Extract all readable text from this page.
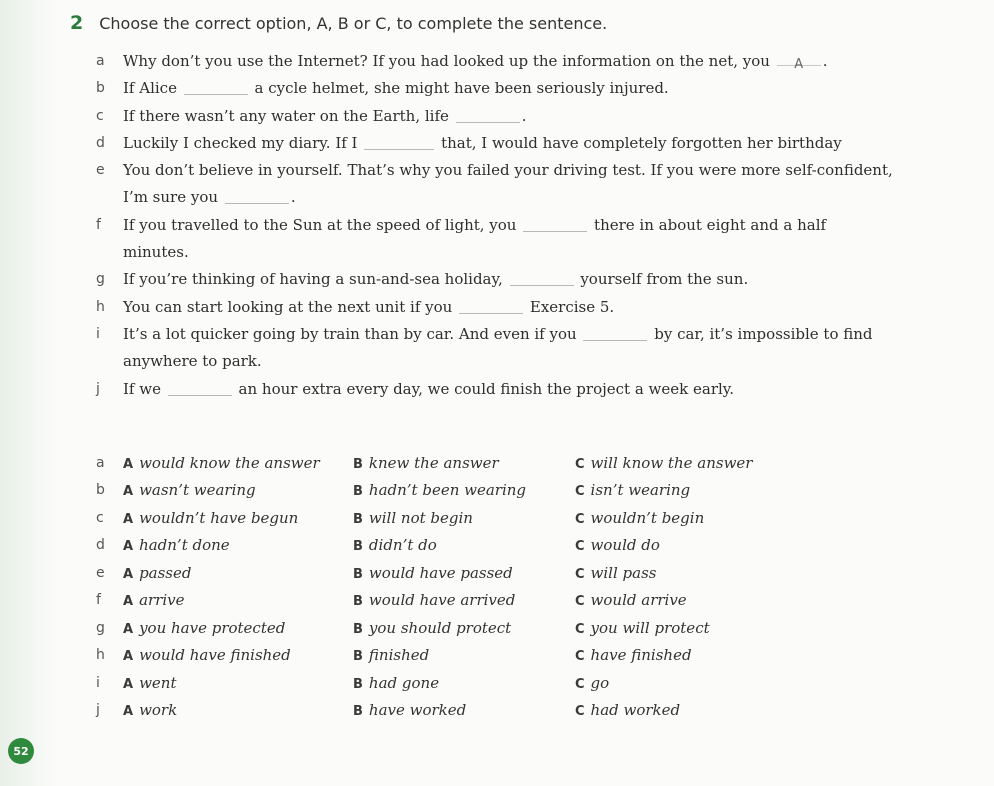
2 Choose the correct option, A, B or C, to complete the sentence.
a	Why don’t you use the Internet? If you had looked up the information on the net, you A .
b	If Alice	a cycle helmet, she might have been seriously injured.
c	If there wasn’t any water on the Earth, life	.
d	Luckily I checked my diary. If I	that, I would have completely forgotten her birthday
e	You don’t believe in yourself. That’s why you failed your driving test. If you were more self-confident, I’m sure you	.
f	If you travelled to the Sun at the speed of light, you	there in about eight and a half minutes.
g	If you’re thinking of having a sun-and-sea holiday,	yourself from the sun.
h	You can start looking at the next unit if you	Exercise 5.
i	It’s a lot quicker going by train than by car. And even if you	by car, it’s impossible to find anywhere to park.
j	If we	an hour extra every day, we could finish the project a week early.
a	A would know the answer	B knew the answer	C will know the answer
b	A wasn’t wearing	B hadn’t been wearing	C isn’t wearing
c	A wouldn’t have begun	B will not begin	C wouldn’t begin
d	A hadn’t done	B didn’t do	C would do
e	A passed	B would have passed	C will pass
f	A arrive	B would have arrived	C would arrive
g	A you have protected	B you should protect	C you will protect
h	A would have finished	B finished	C have finished
i	A went	B had gone	C go
j	A work	B have worked	C had worked
52
